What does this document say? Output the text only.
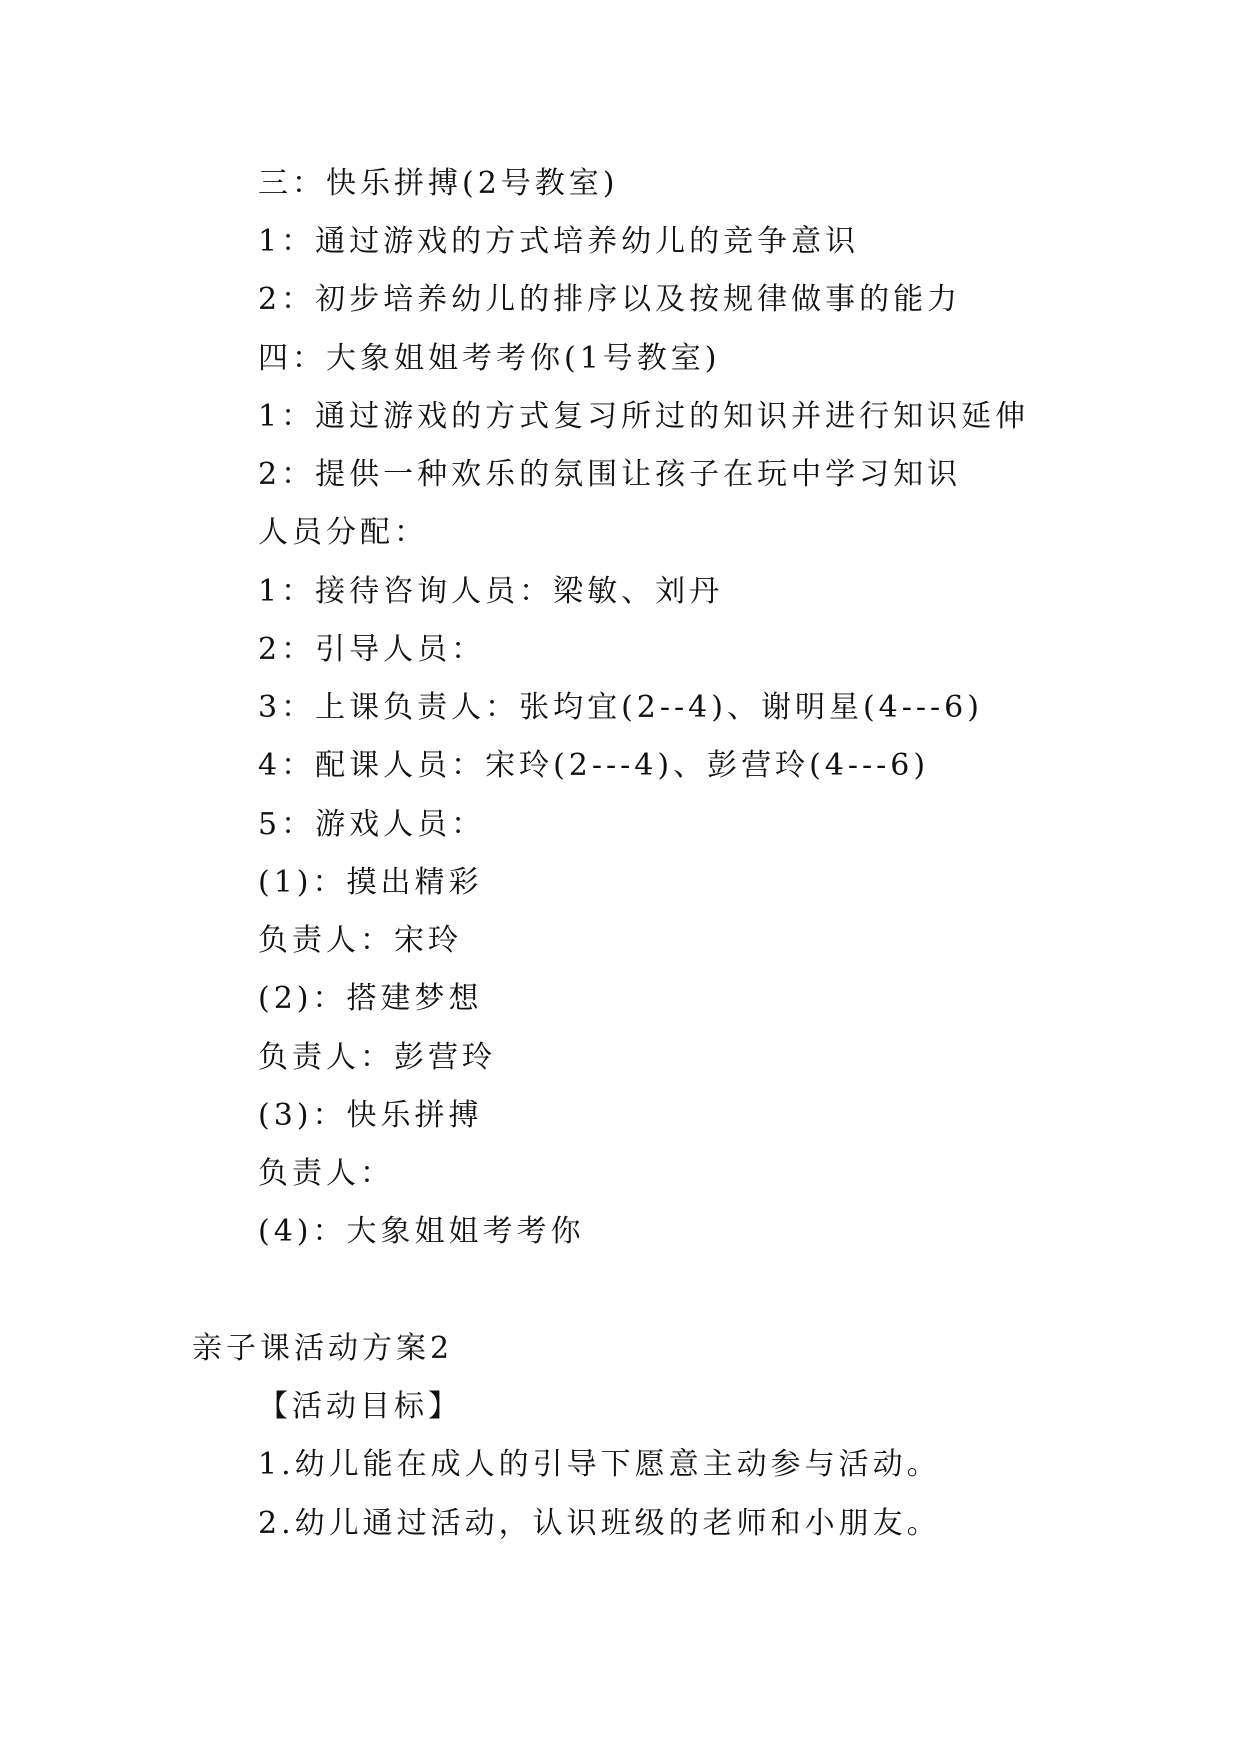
三：快乐拼搏(2号教室)
1：通过游戏的方式培养幼儿的竞争意识
2：初步培养幼儿的排序以及按规律做事的能力
四：大象姐姐考考你(1号教室)
1：通过游戏的方式复习所过的知识并进行知识延伸
2：提供一种欢乐的氛围让孩子在玩中学习知识
人员分配：
1：接待咨询人员：梁敏、刘丹
2：引导人员：
3：上课负责人：张均宜(2--4)、谢明星(4---6)
4：配课人员：宋玲(2---4)、彭营玲(4---6)
5：游戏人员：
(1)：摸出精彩
负责人：宋玲
(2)：搭建梦想
负责人：彭营玲
(3)：快乐拼搏
负责人：
(4)：大象姐姐考考你
亲子课活动方案2
【活动目标】
1.幼儿能在成人的引导下愿意主动参与活动。
2.幼儿通过活动，认识班级的老师和小朋友。
